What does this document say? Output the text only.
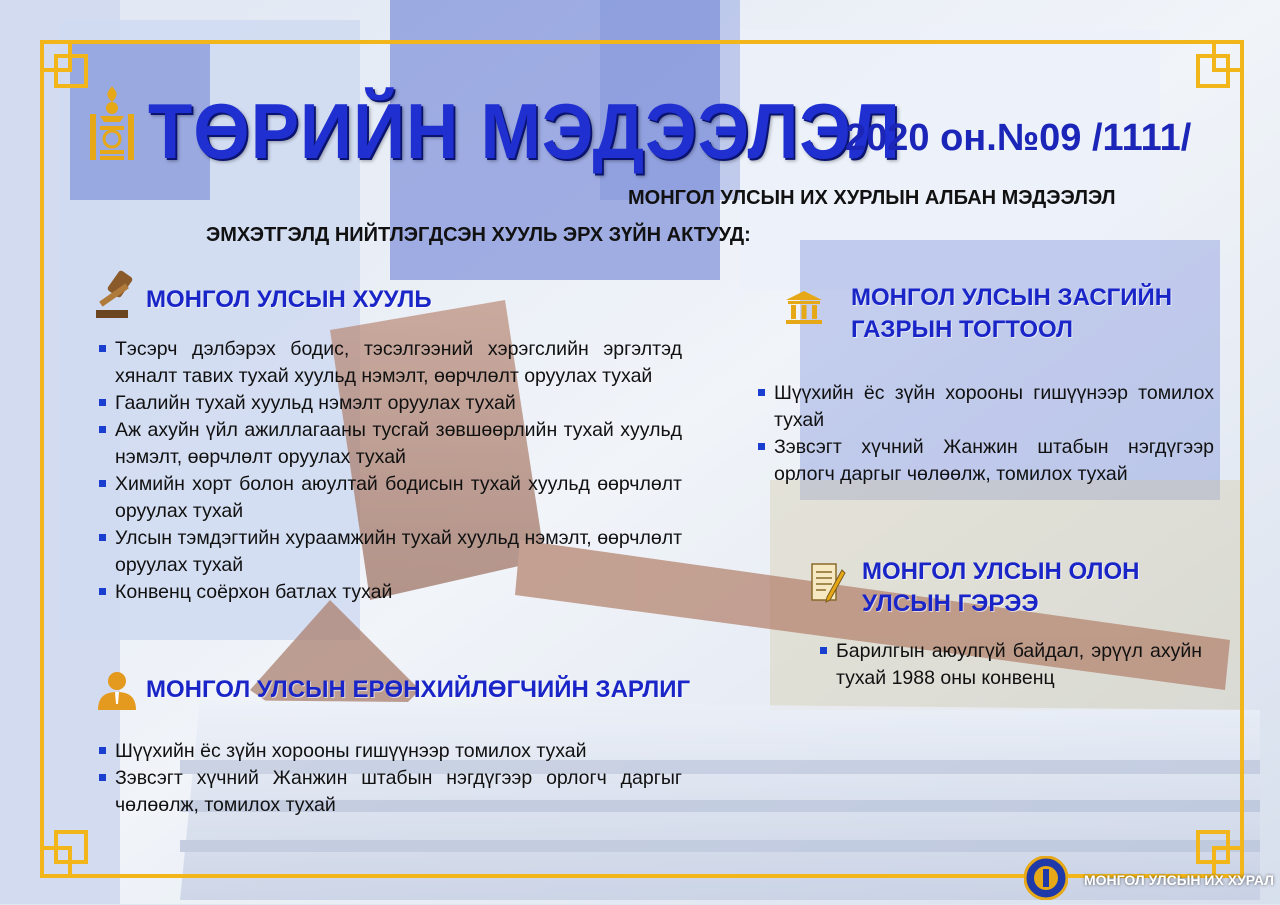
ТӨРИЙН МЭДЭЭЛЭЛ
2020 он.№09 /1111/
МОНГОЛ УЛСЫН ИХ ХУРЛЫН АЛБАН МЭДЭЭЛЭЛ
ЭМХЭТГЭЛД НИЙТЛЭГДСЭН ХУУЛЬ ЭРХ ЗҮЙН АКТУУД:
МОНГОЛ УЛСЫН ХУУЛЬ
Тэсэрч дэлбэрэх бодис, тэсэлгээний хэрэгслийн эргэлтэд хяналт тавих тухай хуульд нэмэлт, өөрчлөлт оруулах тухай
Гаалийн тухай хуульд нэмэлт оруулах тухай
Аж ахуйн үйл ажиллагааны тусгай зөвшөөрлийн тухай хуульд нэмэлт, өөрчлөлт оруулах тухай
Химийн хорт болон аюултай бодисын тухай хуульд өөрчлөлт оруулах тухай
Улсын тэмдэгтийн хураамжийн тухай хуульд нэмэлт, өөрчлөлт оруулах тухай
Конвенц соёрхон батлах тухай
МОНГОЛ УЛСЫН ЕРӨНХИЙЛӨГЧИЙН ЗАРЛИГ
Шүүхийн ёс зүйн хорооны гишүүнээр томилох тухай
Зэвсэгт хүчний Жанжин штабын нэгдүгээр орлогч даргыг чөлөөлж, томилох тухай
МОНГОЛ УЛСЫН ЗАСГИЙН
ГАЗРЫН ТОГТООЛ
Шүүхийн ёс зүйн хорооны гишүүнээр томилох тухай
Зэвсэгт хүчний Жанжин штабын нэгдүгээр орлогч даргыг чөлөөлж, томилох тухай
МОНГОЛ УЛСЫН ОЛОН
УЛСЫН ГЭРЭЭ
Барилгын аюулгүй байдал, эрүүл ахуйн тухай 1988 оны конвенц
МОНГОЛ УЛСЫН ИХ ХУРАЛ
